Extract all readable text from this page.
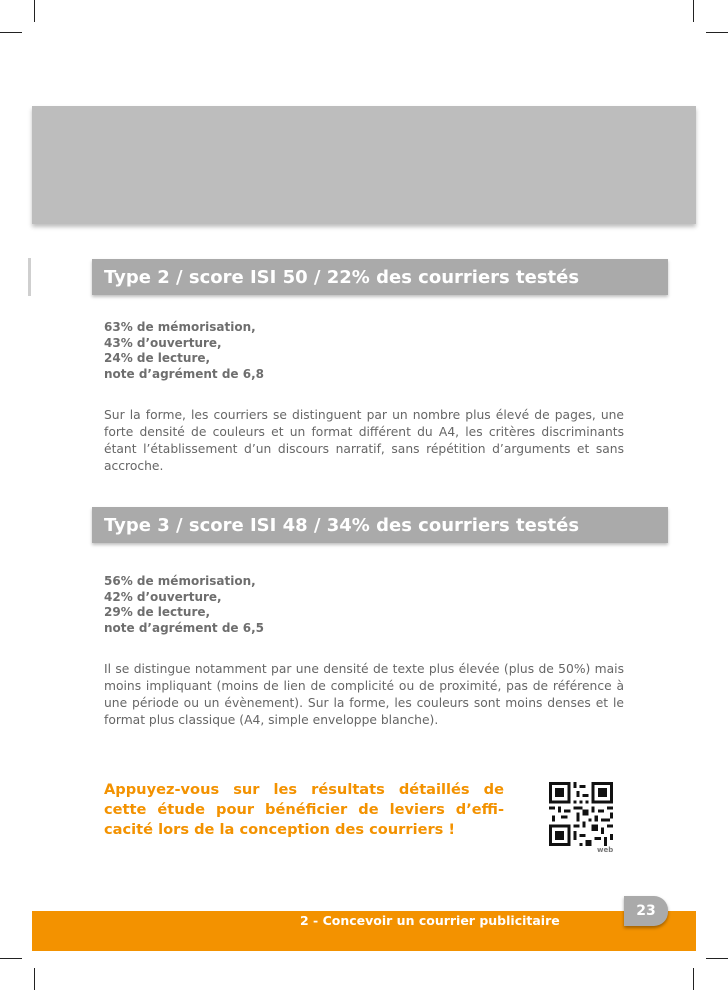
Type 2 / score ISI 50 / 22% des courriers testés
63% de mémorisation,
43% d’ouverture,
24% de lecture,
note d’agrément de 6,8

Sur la forme, les courriers se distinguent par un nombre plus élevé de pages, une forte densité de couleurs et un format différent du A4, les critères discriminants étant l’établissement d’un discours narratif, sans répétition d’arguments et sans accroche.

Type 3 / score ISI 48 / 34% des courriers testés
56% de mémorisation,
42% d’ouverture,
29% de lecture,
note d’agrément de 6,5

Il se distingue notamment par une densité de texte plus élevée (plus de 50%) mais moins impliquant (moins de lien de complicité ou de proximité, pas de référence à une période ou un évènement). Sur la forme, les couleurs sont moins denses et le format plus classique (A4, simple enveloppe blanche).

Appuyez-vous sur les résultats détaillés de cette étude pour bénéficier de leviers d’efficacité lors de la conception des courriers !

web
2 - Concevoir un courrier publicitaire
23
